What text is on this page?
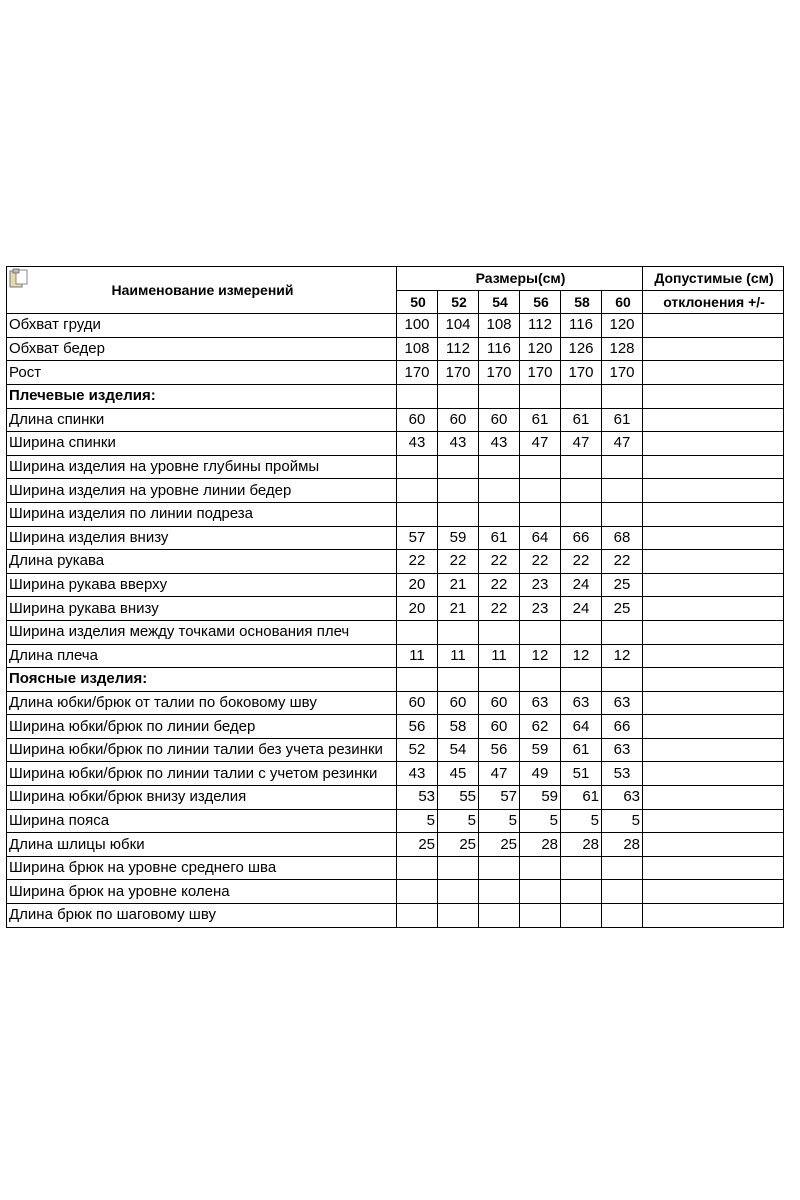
Наименование измерений	Размеры(см)						Допустимые (см)
	50	52	54	56	58	60	отклонения +/-
Обхват груди	100	104	108	112	116	120	
Обхват бедер	108	112	116	120	126	128	
Рост	170	170	170	170	170	170	
Плечевые изделия:							
Длина спинки	60	60	60	61	61	61	
Ширина спинки	43	43	43	47	47	47	
Ширина изделия на уровне глубины проймы							
Ширина изделия на уровне линии бедер							
Ширина изделия по линии подреза							
Ширина изделия внизу	57	59	61	64	66	68	
Длина рукава	22	22	22	22	22	22	
Ширина рукава вверху	20	21	22	23	24	25	
Ширина рукава внизу	20	21	22	23	24	25	
Ширина изделия между точками основания плеч							
Длина плеча	11	11	11	12	12	12	
Поясные изделия:							
Длина юбки/брюк от талии по боковому шву	60	60	60	63	63	63	
Ширина юбки/брюк по линии бедер	56	58	60	62	64	66	
Ширина юбки/брюк по линии талии без учета резинки	52	54	56	59	61	63	
Ширина юбки/брюк по линии талии с учетом резинки	43	45	47	49	51	53	
Ширина юбки/брюк внизу изделия	53	55	57	59	61	63	
Ширина пояса	5	5	5	5	5	5	
Длина шлицы юбки	25	25	25	28	28	28	
Ширина брюк на уровне среднего шва							
Ширина брюк на уровне колена							
Длина брюк по шаговому шву							
